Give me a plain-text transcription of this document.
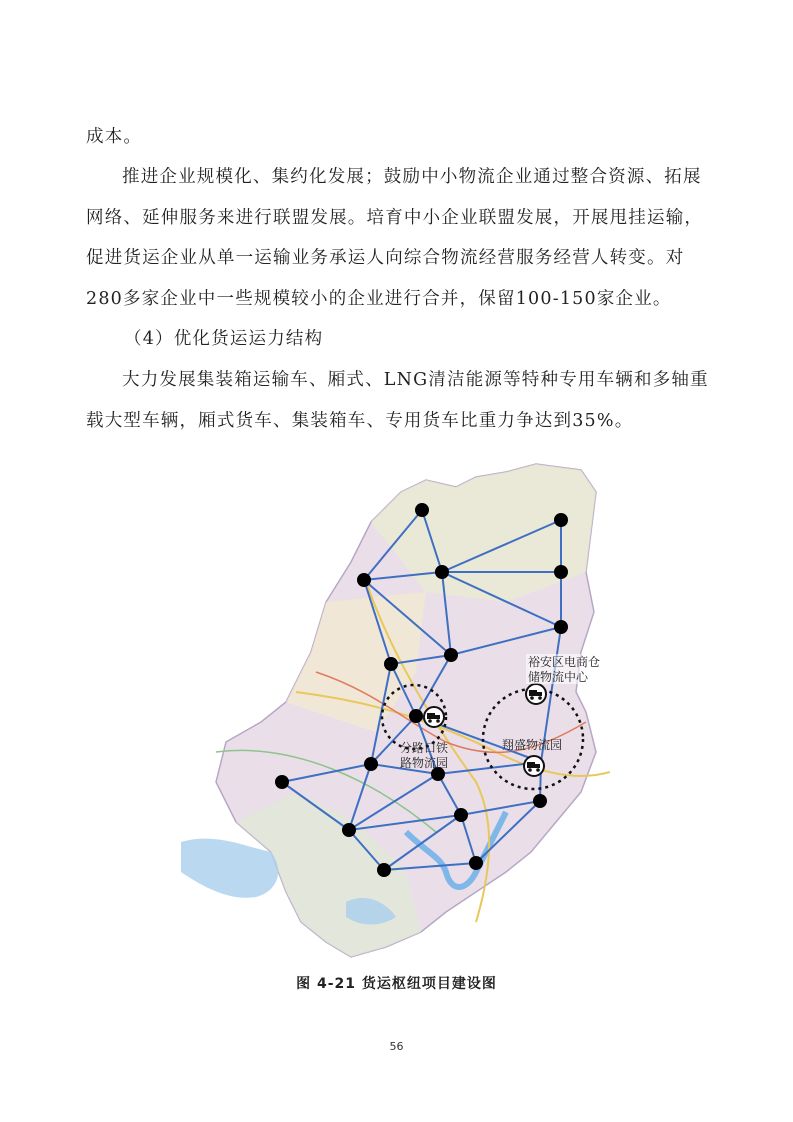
成本。

推进企业规模化、集约化发展；鼓励中小物流企业通过整合资源、拓展网络、延伸服务来进行联盟发展。培育中小企业联盟发展，开展甩挂运输，促进货运企业从单一运输业务承运人向综合物流经营服务经营人转变。对280多家企业中一些规模较小的企业进行合并，保留100-150家企业。

（4）优化货运运力结构

大力发展集装箱运输车、厢式、LNG清洁能源等特种专用车辆和多轴重载大型车辆，厢式货车、集装箱车、专用货车比重力争达到35%。

裕安区电商仓
储物流中心
分路口铁
路物流园
翔盛物流园
图 4-21 货运枢纽项目建设图
56
